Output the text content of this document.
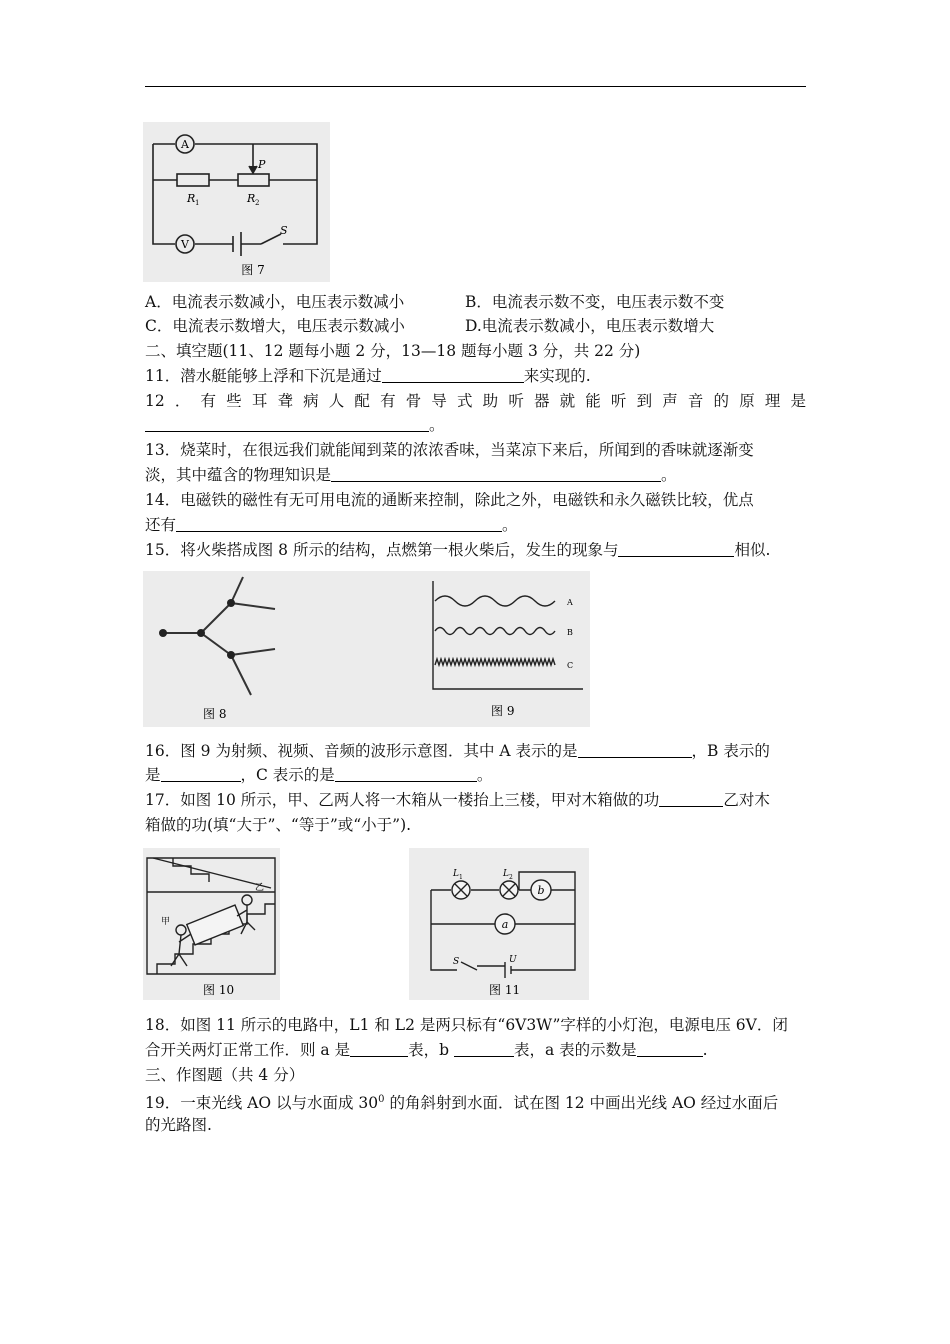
A
V
P
R 1	R 2
S
图 7
A．电流表示数减小，电压表示数减小	B．电流表示数不变，电压表示数不变
C．电流表示数增大，电压表示数减小	D.电流表示数减小，电压表示数增大
二、填空题(11、12 题每小题 2 分，13—18 题每小题 3 分，共 22 分)
11．潜水艇能够上浮和下沉是通过	来实现的.
12．有些耳聋病人配有骨导式助听器就能听到声音的原理是
。
13．烧菜时，在很远我们就能闻到菜的浓浓香味，当菜凉下来后，所闻到的香味就逐渐变
淡，其中蕴含的物理知识是	。
14．电磁铁的磁性有无可用电流的通断来控制，除此之外，电磁铁和永久磁铁比较，优点
还有	。
15．将火柴搭成图 8 所示的结构，点燃第一根火柴后，发生的现象与	相似.
图 8
A
B
C
图 9
16．图 9 为射频、视频、音频的波形示意图．其中 A 表示的是	，B 表示的
是	，C 表示的是	。
17．如图 10 所示，甲、乙两人将一木箱从一楼抬上三楼，甲对木箱做的功	乙对木
箱做的功(填“大于”、“等于”或“小于”).
甲
乙
图 10
L 1	L 2
b
a
S	U
图 11
18．如图 11 所示的电路中，L1 和 L2 是两只标有“6V3W”字样的小灯泡，电源电压 6V．闭
合开关两灯正常工作．则 a 是	表，b	表，a 表的示数是	.
三、作图题（共 4 分）
19．一束光线 AO 以与水面成 $30^0$ 的角斜射到水面．试在图 12 中画出光线 AO 经过水面后
的光路图.
